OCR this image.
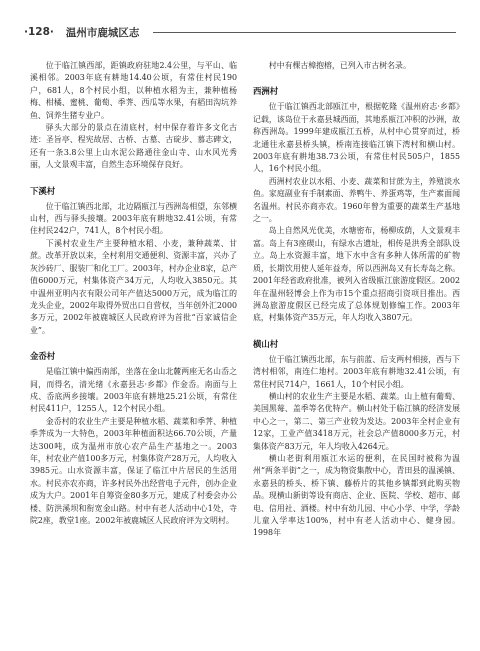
·128· 温州市鹿城区志

位于临江镇西部，距镇政府驻地2.4公里，与平山、临溪相邻。2003年底有耕地14.40公顷，有常住村民190户，681人，8个村民小组，以种植水稻为主，兼种植杨梅、柑橘、蜜桃、葡萄、季荠、西瓜等水果，有稻田沟坑养鱼、饲养生猪专业户。

驿头大部分的景点在清底村，村中保存着许多文化古迹：圣旨亭、程宪故居、古桥、古墓、古碇步、慕志碑文，还有一条3.8公里上山水泥公路通往金山寺、山水风光秀丽，人文景观丰富，自然生态环境保存良好。

下溪村

位于临江镇西北部，北边隔瓯江与西洲岛相望，东邻横山村，西与驿头接壤。2003年底有耕地32.41公顷，有常住村民242户，741人，8个村民小组。

下溪村农业生产主要种植水稻、小麦，兼种蔬菜、甘蔗。改革开放以来，全村利用交通便利、资源丰富，兴办了灰沙砖厂、服装厂和化工厂。2003年，村办企业8家，总产值6000万元，村集体资产34万元，人均收入3850元。其中温州亚明内衣有限公司年产值达5000万元，成为临江的龙头企业，2002年取得外贸出口自营权，当年创外汇2000多万元，2002年被鹿城区人民政府评为首批“百家诚信企业”。

金岙村

是临江镇中偏西南部，坐落在金山北麓两座无名山岙之间，而得名，清光绪《永嘉县志·乡都》作金岙。南面与上戍、岙底两乡接壤。2003年底有耕地25.21公顷，有常住村民411户，1255人，12个村民小组。

金岙村的农业生产主要是种植水稻、蔬菜和季荠、种植季荠成为一大特色，2003年种植面积达66.70公顷，产量达300吨，成为温州市放心农产品生产基地之一。2003年，村农业产值100多万元，村集体资产28万元，人均收入3985元。山水资源丰富，保证了临江中片居民的生活用水。村民亦农亦商，许多村民外出经营电子元件，创办企业成为大户。2001年自筹资金80多万元，建成了村委会办公楼、防洪溪坝和衔宽金山路。村中有老人活动中心1处，寺院2座，教堂1座。2002年被鹿城区人民政府评为文明村。

村中有棵古樟抱榕，已列入市古树名录。

西洲村

位于临江镇西北部瓯江中，根据乾隆《温州府志·乡都》记载，该岛位于永嘉县城西面，其地系瓯江冲积的沙洲，故称西洲岛。1999年建成瓯江五桥，从村中心贯穿而过，桥北通往永嘉县桥头镇，桥南连接临江镇下湾村和横山村。2003年底有耕地38.73公顷，有常住村民505户，1855人，16个村民小组。

西洲村农业以水稻、小麦、蔬菜和甘蔗为主，养殖淡水鱼。家庭副业有手制素面、养鸭牛、养蛋鸡等，生产素面闻名温州。村民亦商亦农。1960年曾为重要的蔬菜生产基地之一。

岛上自然风光优美，水塘密布，杨柳成荫，人文景观丰富。岛上有3座碶山，有绿水古遗址，相传是洪秀全部队设立。岛上水资源丰富，地下水中含有多种人体所需的矿物质，长期饮用使人延年益寿，所以西洲岛又有长寿岛之称。2001年经省政府批准，被列入省级瓯江旅游度假区。2002年在温州轻博会上作为市15个重点招商引资项目推出。西洲岛旅游度假区已经完成了总体规划修编工作。2003年底，村集体资产35万元，年人均收入3807元。

横山村

位于临江镇西北部，东与前蓝、后支两村相接，西与下湾村相邻，南连仁地村。2003年底有耕地32.41公顷，有常住村民714户，1661人，10个村民小组。

横山村的农业生产主要是水稻、蔬菜。山上植有葡萄、美国黑莓、盖季等名优特产。横山村处于临江镇的经济发展中心之一，第二、第三产业较为发达。2003年全村企业有12家，工业产值3418万元，社会总产值8000多万元，村集体资产83万元，年人均收入4264元。

横山老街利用瓯江水运的便利，在民国时被称为温州“两条半街”之一，成为物资集散中心，青田县的温溪镇、永嘉县的桥头、桥下镇、藤桥片的其他乡镇都到此购买物品。现横山新街等设有商店、企业、医院、学校、超市、邮电、信用社、酒楼。村中有幼儿园、中心小学、中学，学龄儿童入学率达100%，村中有老人活动中心、健身园。1998年
